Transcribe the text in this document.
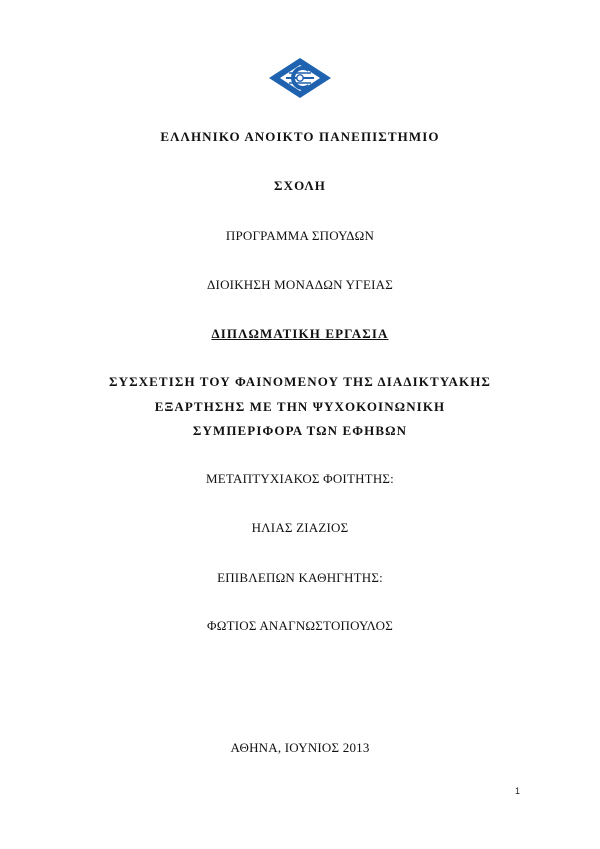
ΕΛΛΗΝΙΚΟ ΑΝΟΙΚΤΟ ΠΑΝΕΠΙΣΤΗΜΙΟ
ΣΧΟΛΗ
ΠΡΟΓΡΑΜΜΑ ΣΠΟΥΔΩΝ
ΔΙΟΙΚΗΣΗ ΜΟΝΑΔΩΝ ΥΓΕΙΑΣ
ΔΙΠΛΩΜΑΤΙΚΗ ΕΡΓΑΣΙΑ
ΣΥΣΧΕΤΙΣΗ ΤΟΥ ΦΑΙΝΟΜΕΝΟΥ ΤΗΣ ΔΙΑΔΙΚΤΥΑΚΗΣ
ΕΞΑΡΤΗΣΗΣ ΜΕ ΤΗΝ ΨΥΧΟΚΟΙΝΩΝΙΚΗ
ΣΥΜΠΕΡΙΦΟΡΑ ΤΩΝ ΕΦΗΒΩΝ
ΜΕΤΑΠΤΥΧΙΑΚΟΣ ΦΟΙΤΗΤΗΣ:
ΗΛΙΑΣ ΖΙΑΖΙΟΣ
ΕΠΙΒΛΕΠΩΝ ΚΑΘΗΓΗΤΗΣ:
ΦΩΤΙΟΣ ΑΝΑΓΝΩΣΤΟΠΟΥΛΟΣ
ΑΘΗΝΑ, ΙΟΥΝΙΟΣ 2013
1
